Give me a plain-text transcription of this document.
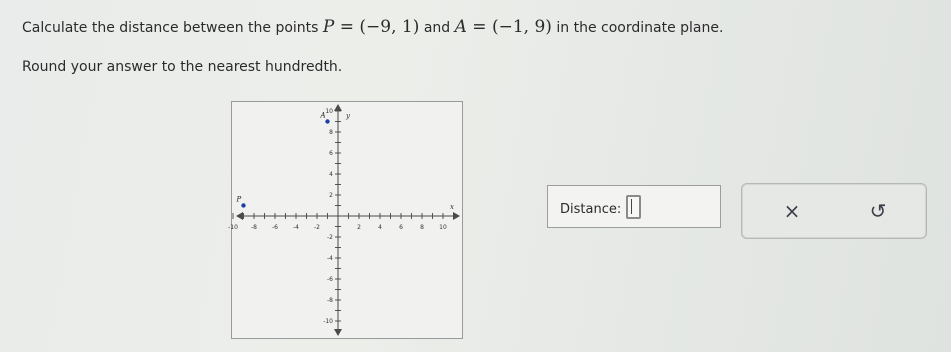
Calculate the distance between the points P = (−9, 1) and A = (−1, 9) in the coordinate plane.
Round your answer to the nearest hundredth.
-10 -8	-6	-4	-2	2	4	6	8	10
10
8
6
4
2
-2
-4
-6
-8
-10
y
x
P
A
Distance:	×	↺
